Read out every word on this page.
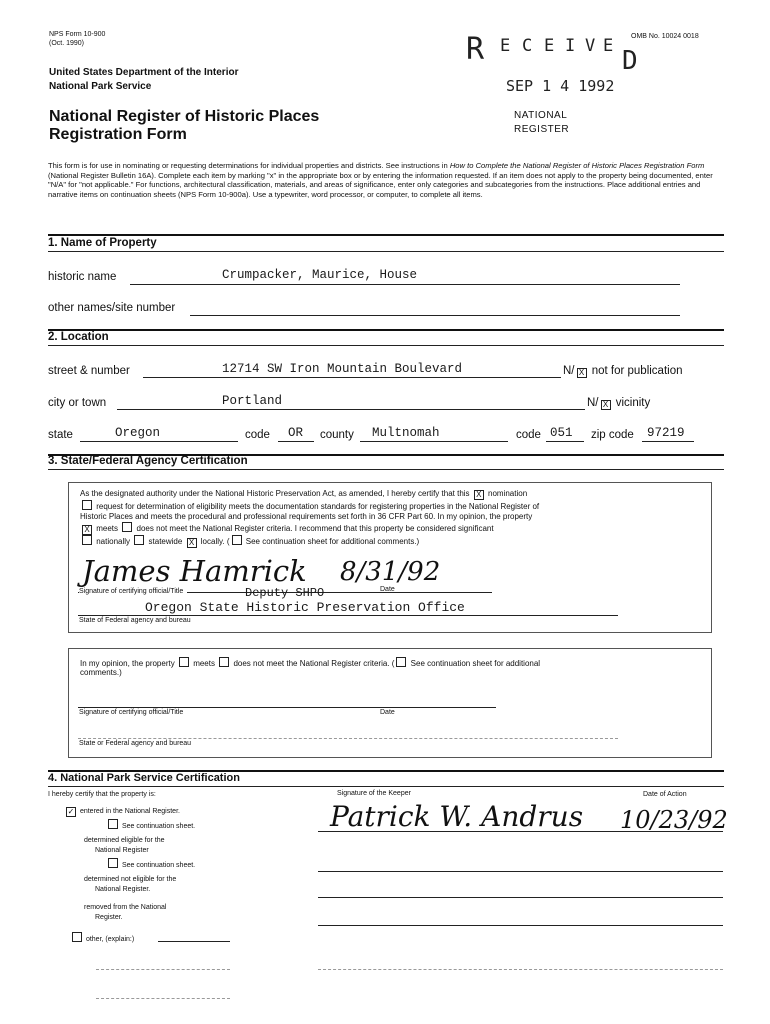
NPS Form 10-900
(Oct. 1990)
OMB No. 10024 0018
United States Department of the Interior
National Park Service
National Register of Historic Places
Registration Form
R E C E I V E D
SEP 1 4 1992
NATIONAL
REGISTER
This form is for use in nominating or requesting determinations for individual properties and districts. See instructions in How to Complete the National Register of Historic Places Registration Form (National Register Bulletin 16A). Complete each item by marking "x" in the appropriate box or by entering the information requested. If an item does not apply to the property being documented, enter "N/A" for "not applicable." For functions, architectural classification, materials, and areas of significance, enter only categories and subcategories from the instructions. Place additional entries and narrative items on continuation sheets (NPS Form 10-900a). Use a typewriter, word processor, or computer, to complete all items.
1. Name of Property
historic name	Crumpacker, Maurice, House
other names/site number
2. Location
street & number	12714 SW Iron Mountain Boulevard	N/ X not for publication
city or town	Portland	N/ X vicinity
state	Oregon	code OR county Multnomah	code 051 zip code 97219
3. State/Federal Agency Certification
As the designated authority under the National Historic Preservation Act, as amended, I hereby certify that this X nomination
request for determination of eligibility meets the documentation standards for registering properties in the National Register of
Historic Places and meets the procedural and professional requirements set forth in 36 CFR Part 60. In my opinion, the property
X meets does not meet the National Register criteria. I recommend that this property be considered significant
nationally statewide X locally. ( See continuation sheet for additional comments.)
James Hamrick 8/31/92
Signature of certifying official/Title	Deputy SHPO	Date
Oregon State Historic Preservation Office
State of Federal agency and bureau
In my opinion, the property meets does not meet the National Register criteria. ( See continuation sheet for additional
comments.)
Signature of certifying official/Title	Date
State or Federal agency and bureau
4. National Park Service Certification
I hereby certify that the property is:
✓ entered in the National Register.
See continuation sheet.
determined eligible for the
National Register
See continuation sheet.
determined not eligible for the
National Register.
removed from the National
Register.
other, (explain:)
Signature of the Keeper	Date of Action
Patrick W. Andrus 10/23/92
